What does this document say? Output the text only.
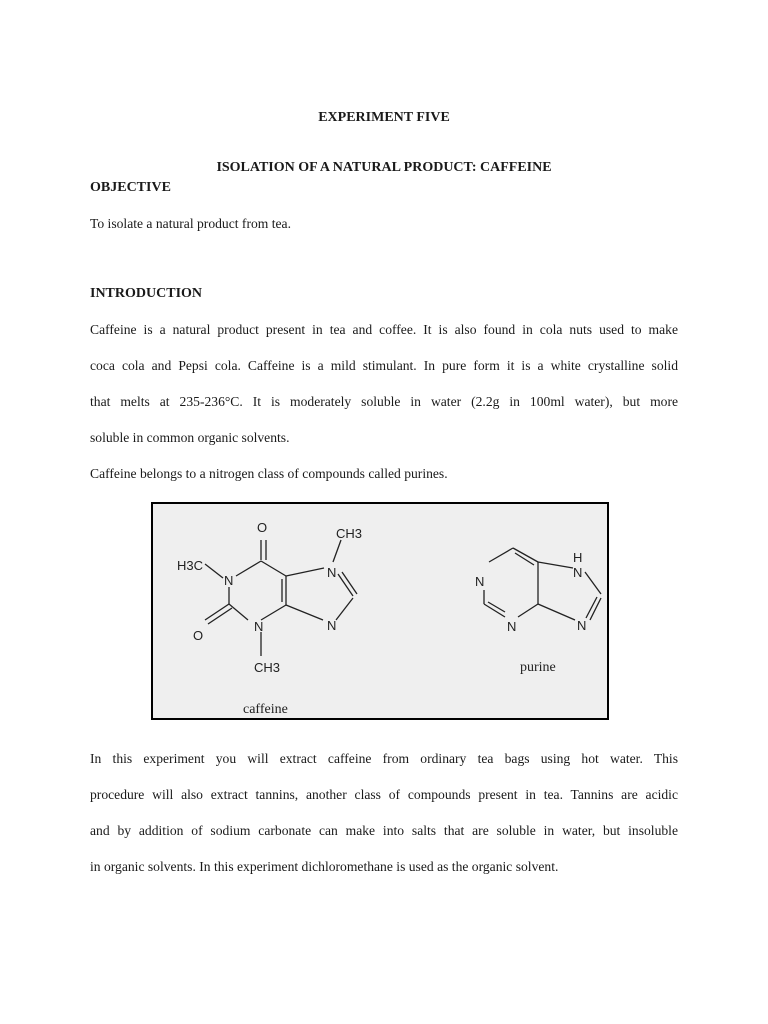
EXPERIMENT FIVE
ISOLATION OF A NATURAL PRODUCT: CAFFEINE
OBJECTIVE
To isolate a natural product from tea.
INTRODUCTION
Caffeine is a natural product present in tea and coffee. It is also found in cola nuts used to make
coca cola and Pepsi cola. Caffeine is a mild stimulant. In pure form it is a white crystalline solid
that melts at 235-236°C. It is moderately soluble in water (2.2g in 100ml water), but more
soluble in common organic solvents.
Caffeine belongs to a nitrogen class of compounds called purines.
O	CH3
H3C
N
N
O
N	N
CH3
H
N
N
N	N
caffeine
purine
In this experiment you will extract caffeine from ordinary tea bags using hot water. This
procedure will also extract tannins, another class of compounds present in tea. Tannins are acidic
and by addition of sodium carbonate can make into salts that are soluble in water, but insoluble
in organic solvents. In this experiment dichloromethane is used as the organic solvent.
